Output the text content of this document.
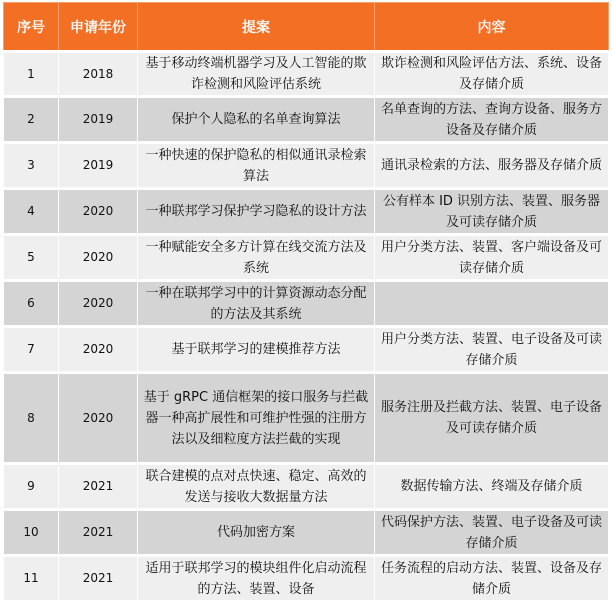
序号	申请年份	提案	内容
1	2018	基于移动终端机器学习及人工智能的欺诈检测和风险评估系统	欺诈检测和风险评估方法、系统、设备及存储介质
2	2019	保护个人隐私的名单查询算法	名单查询的方法、查询方设备、服务方设备及存储介质
3	2019	一种快速的保护隐私的相似通讯录检索算法	通讯录检索的方法、服务器及存储介质
4	2020	一种联邦学习保护学习隐私的设计方法	公有样本 ID 识别方法、装置、服务器及可读存储介质
5	2020	一种赋能安全多方计算在线交流方法及系统	用户分类方法、装置、客户端设备及可读存储介质
6	2020	一种在联邦学习中的计算资源动态分配的方法及其系统	
7	2020	基于联邦学习的建模推荐方法	用户分类方法、装置、电子设备及可读存储介质
8	2020	基于 gRPC 通信框架的接口服务与拦截器一种高扩展性和可维护性强的注册方法以及细粒度方法拦截的实现	服务注册及拦截方法、装置、电子设备及可读存储介质
9	2021	联合建模的点对点快速、稳定、高效的发送与接收大数据量方法	数据传输方法、终端及存储介质
10	2021	代码加密方案	代码保护方法、装置、电子设备及可读存储介质
11	2021	适用于联邦学习的模块组件化启动流程的方法、装置、设备	任务流程的启动方法、装置、设备及存储介质
